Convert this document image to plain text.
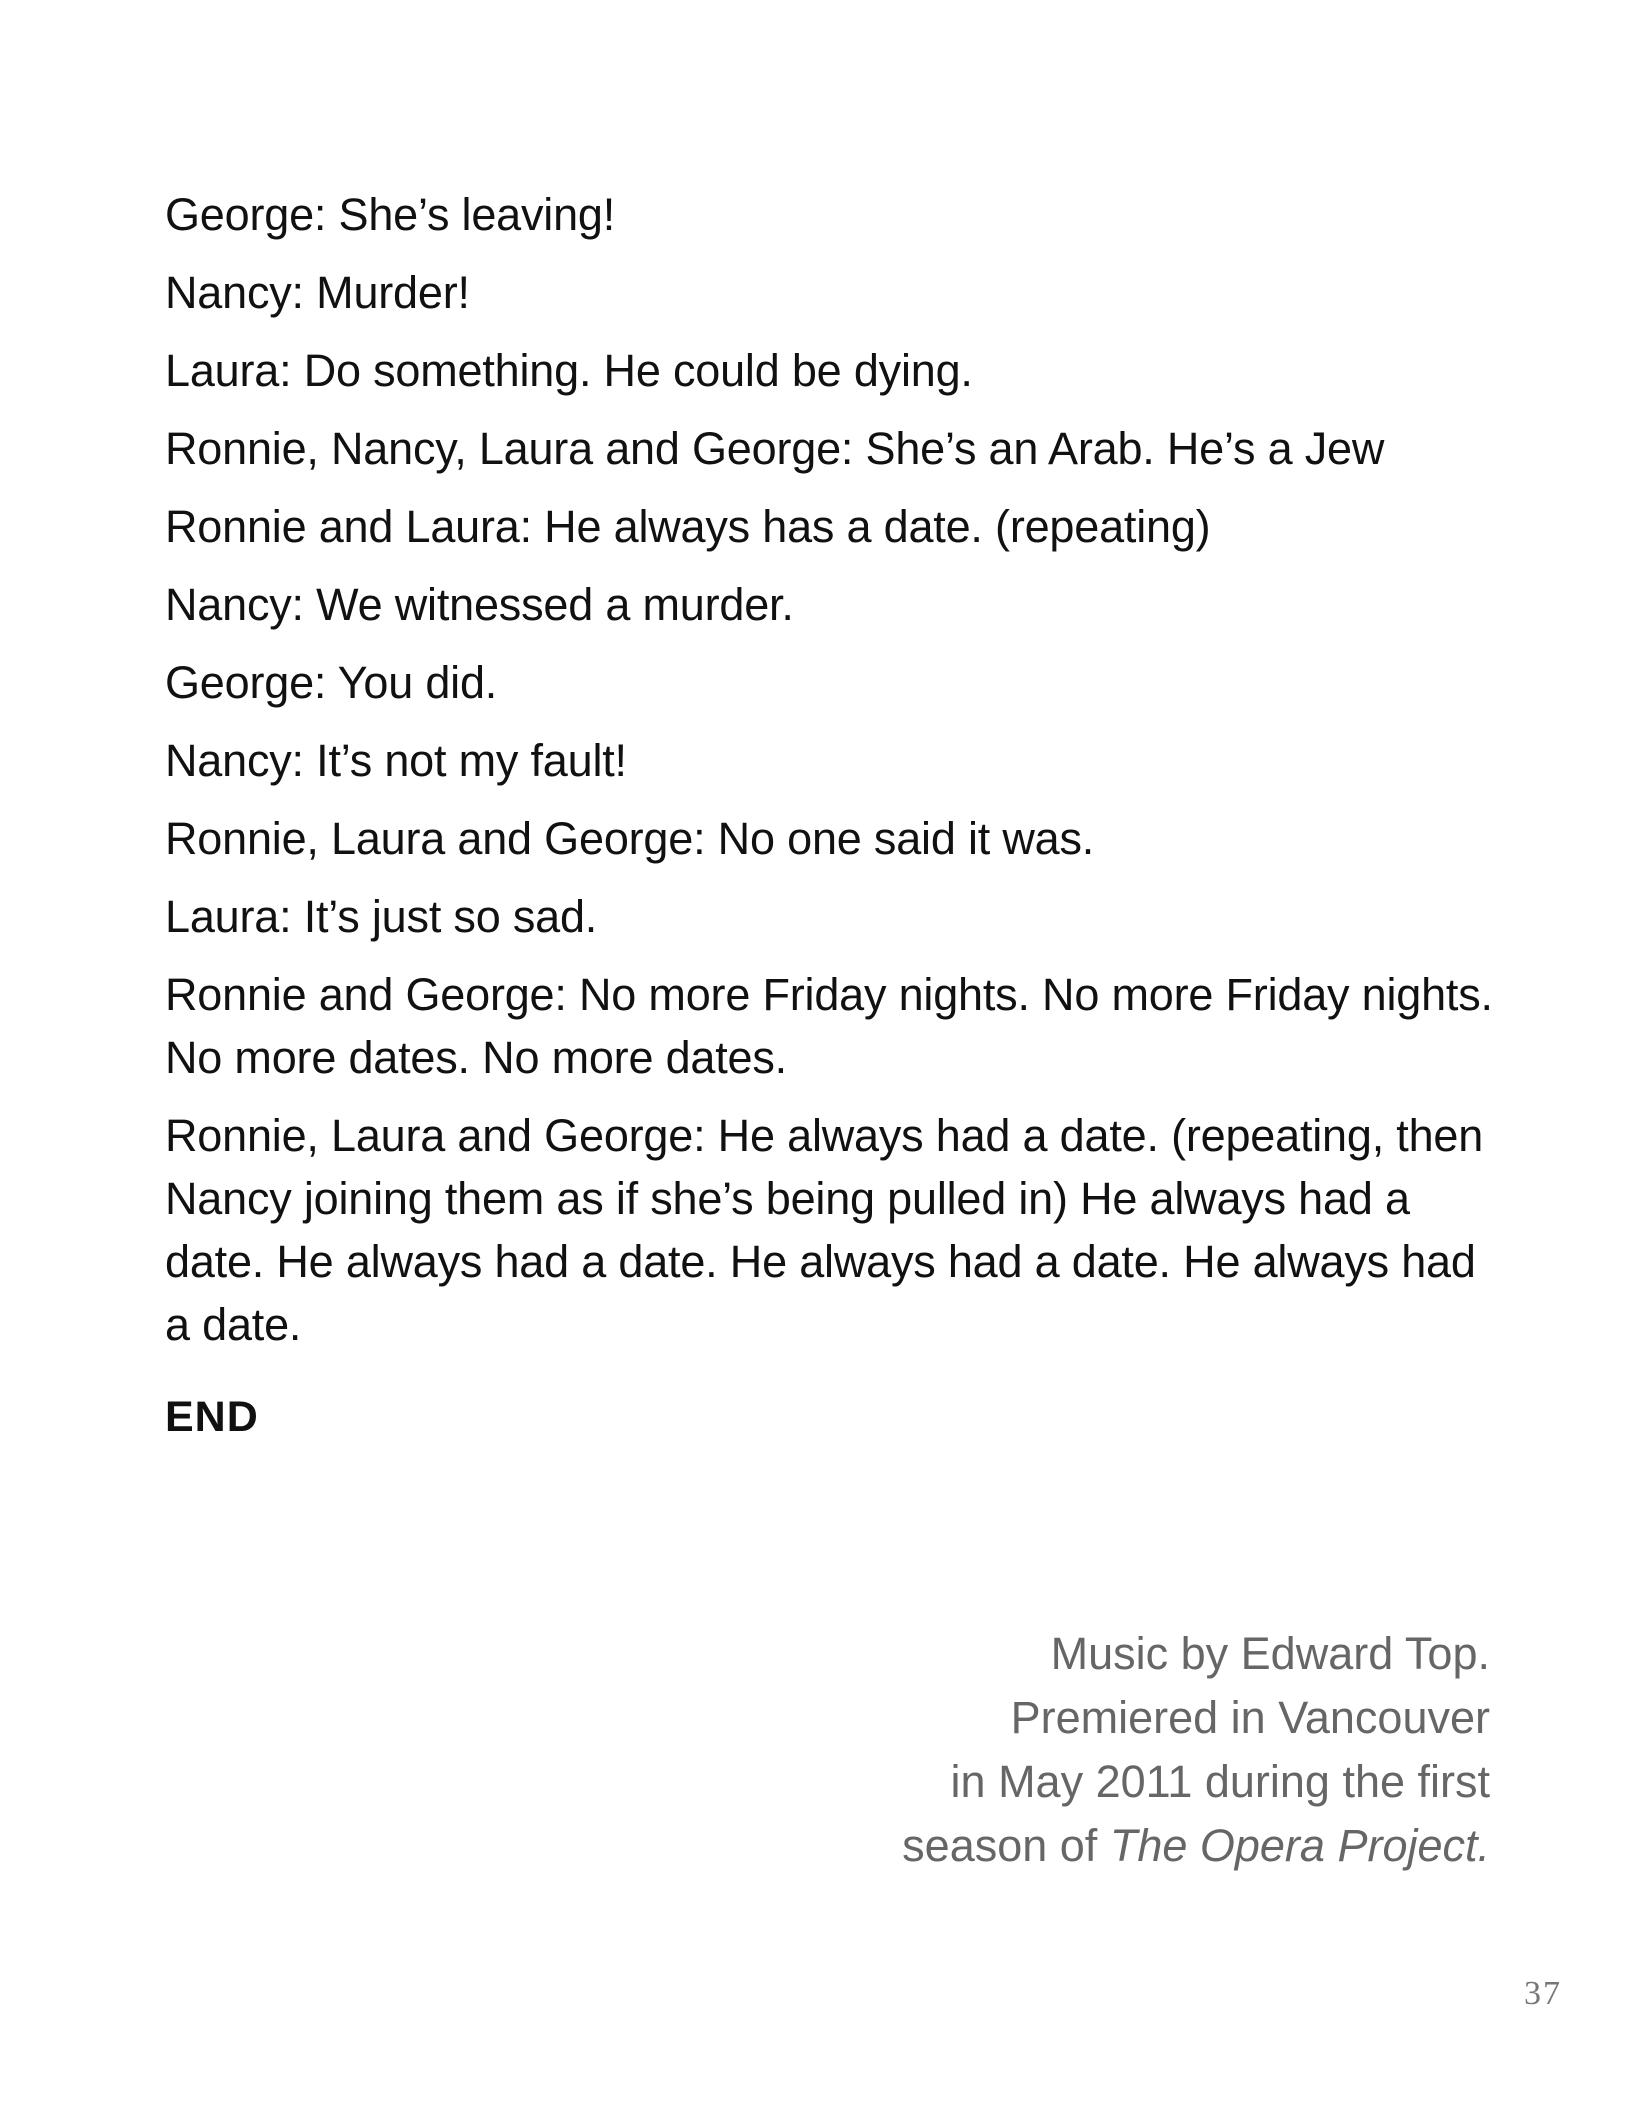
George: She’s leaving!

Nancy: Murder!

Laura: Do something. He could be dying.

Ronnie, Nancy, Laura and George: She’s an Arab. He’s a Jew

Ronnie and Laura: He always has a date. (repeating)

Nancy: We witnessed a murder.

George: You did.

Nancy: It’s not my fault!

Ronnie, Laura and George: No one said it was.

Laura: It’s just so sad.

Ronnie and George: No more Friday nights. No more Friday nights. No more dates. No more dates.

Ronnie, Laura and George: He always had a date. (repeating, then Nancy joining them as if she’s being pulled in) He always had a date. He always had a date. He always had a date. He always had a date.

END

Music by Edward Top.
Premiered in Vancouver
in May 2011 during the first
season of The Opera Project.
37
